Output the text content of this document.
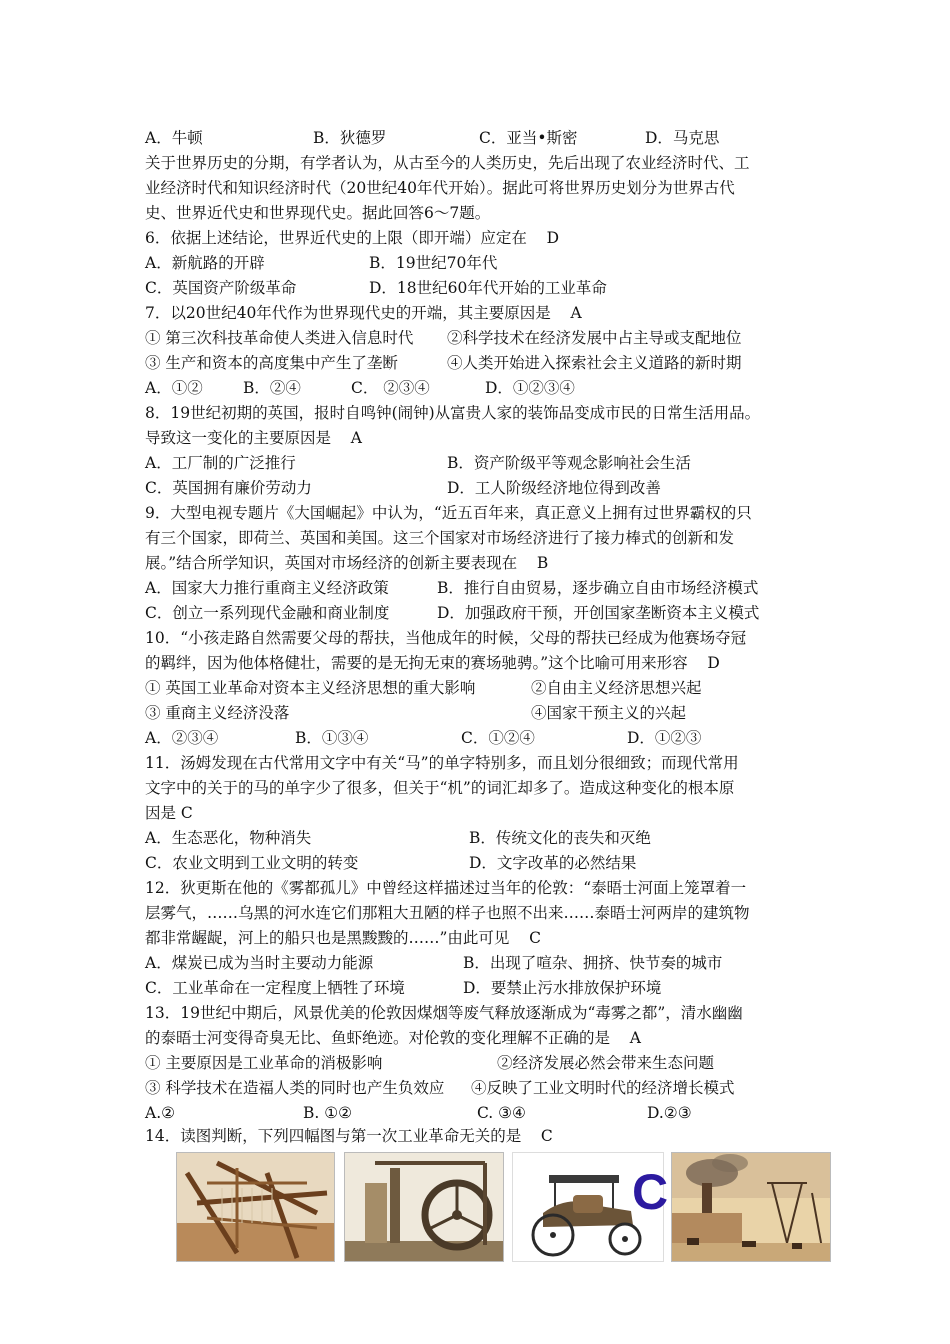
A．牛顿	B．狄德罗	C．亚当•斯密	D．马克思
关于世界历史的分期，有学者认为，从古至今的人类历史，先后出现了农业经济时代、工
业经济时代和知识经济时代（20世纪40年代开始）。据此可将世界历史划分为世界古代
史、世界近代史和世界现代史。据此回答6～7题。
6．依据上述结论，世界近代史的上限（即开端）应定在    D
A．新航路的开辟	B．19世纪70年代
C．英国资产阶级革命	D．18世纪60年代开始的工业革命
7．以20世纪40年代作为世界现代史的开端，其主要原因是    A
① 第三次科技革命使人类进入信息时代 ②科学技术在经济发展中占主导或支配地位
③ 生产和资本的高度集中产生了垄断	④人类开始进入探索社会主义道路的新时期
A．①②	B．②④	C． ②③④	D．①②③④
8．19世纪初期的英国，报时自鸣钟(闹钟)从富贵人家的装饰品变成市民的日常生活用品。
导致这一变化的主要原因是    A
A．工厂制的广泛推行	B．资产阶级平等观念影响社会生活
C．英国拥有廉价劳动力	D．工人阶级经济地位得到改善
9．大型电视专题片《大国崛起》中认为，“近五百年来，真正意义上拥有过世界霸权的只
有三个国家，即荷兰、英国和美国。这三个国家对市场经济进行了接力棒式的创新和发
展。”结合所学知识，英国对市场经济的创新主要表现在    B
A．国家大力推行重商主义经济政策	B．推行自由贸易，逐步确立自由市场经济模式
C．创立一系列现代金融和商业制度	D．加强政府干预，开创国家垄断资本主义模式
10．“小孩走路自然需要父母的帮扶，当他成年的时候，父母的帮扶已经成为他赛场夺冠
的羁绊，因为他体格健壮，需要的是无拘无束的赛场驰骋。”这个比喻可用来形容    D
① 英国工业革命对资本主义经济思想的重大影响	②自由主义经济思想兴起
③ 重商主义经济没落	④国家干预主义的兴起
A．②③④	B．①③④	C．①②④	D．①②③
11．汤姆发现在古代常用文字中有关“马”的单字特别多，而且划分很细致；而现代常用
文字中的关于的马的单字少了很多，但关于“机”的词汇却多了。造成这种变化的根本原
因是 C
A．生态恶化，物种消失	B．传统文化的丧失和灭绝
C．农业文明到工业文明的转变	D．文字改革的必然结果
12．狄更斯在他的《雾都孤儿》中曾经这样描述过当年的伦敦：“泰晤士河面上笼罩着一
层雾气，……乌黑的河水连它们那粗大丑陋的样子也照不出来……泰晤士河两岸的建筑物
都非常龌龊，河上的船只也是黑黢黢的……”由此可见    C
A．煤炭已成为当时主要动力能源	B．出现了喧杂、拥挤、快节奏的城市
C．工业革命在一定程度上牺牲了环境	D．要禁止污水排放保护环境
13．19世纪中期后，风景优美的伦敦因煤烟等废气释放逐渐成为“毒雾之都”，清水幽幽
的泰晤士河变得奇臭无比、鱼虾绝迹。对伦敦的变化理解不正确的是    A
① 主要原因是工业革命的消极影响	②经济发展必然会带来生态问题
③ 科学技术在造福人类的同时也产生负效应 ④反映了工业文明时代的经济增长模式
A.②	B. ①②	C. ③④	D.②③
14．读图判断，下列四幅图与第一次工业革命无关的是    C
C
